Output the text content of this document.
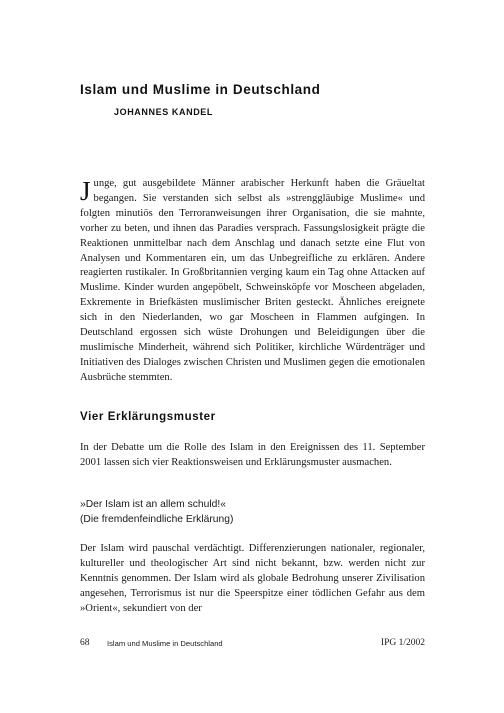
Islam und Muslime in Deutschland
JOHANNES KANDEL

Junge, gut ausgebildete Männer arabischer Herkunft haben die Gräueltat begangen. Sie verstanden sich selbst als »strenggläubige Muslime« und folgten minutiös den Terroranweisungen ihrer Organisation, die sie mahnte, vorher zu beten, und ihnen das Paradies versprach. Fassungslosigkeit prägte die Reaktionen unmittelbar nach dem Anschlag und danach setzte eine Flut von Analysen und Kommentaren ein, um das Unbegreifliche zu erklären. Andere reagierten rustikaler. In Großbritannien verging kaum ein Tag ohne Attacken auf Muslime. Kinder wurden angepöbelt, Schweinsköpfe vor Moscheen abgeladen, Exkremente in Briefkästen muslimischer Briten gesteckt. Ähnliches ereignete sich in den Niederlanden, wo gar Moscheen in Flammen aufgingen. In Deutschland ergossen sich wüste Drohungen und Beleidigungen über die muslimische Minderheit, während sich Politiker, kirchliche Würdenträger und Initiativen des Dialoges zwischen Christen und Muslimen gegen die emotionalen Ausbrüche stemmten.

Vier Erklärungsmuster

In der Debatte um die Rolle des Islam in den Ereignissen des 11. September 2001 lassen sich vier Reaktionsweisen und Erklärungsmuster ausmachen.

»Der Islam ist an allem schuld!«
(Die fremdenfeindliche Erklärung)

Der Islam wird pauschal verdächtigt. Differenzierungen nationaler, regionaler, kultureller und theologischer Art sind nicht bekannt, bzw. werden nicht zur Kenntnis genommen. Der Islam wird als globale Bedrohung unserer Zivilisation angesehen, Terrorismus ist nur die Speerspitze einer tödlichen Gefahr aus dem »Orient«, sekundiert von der

68 Islam und Muslime in Deutschland	IPG 1/2002
